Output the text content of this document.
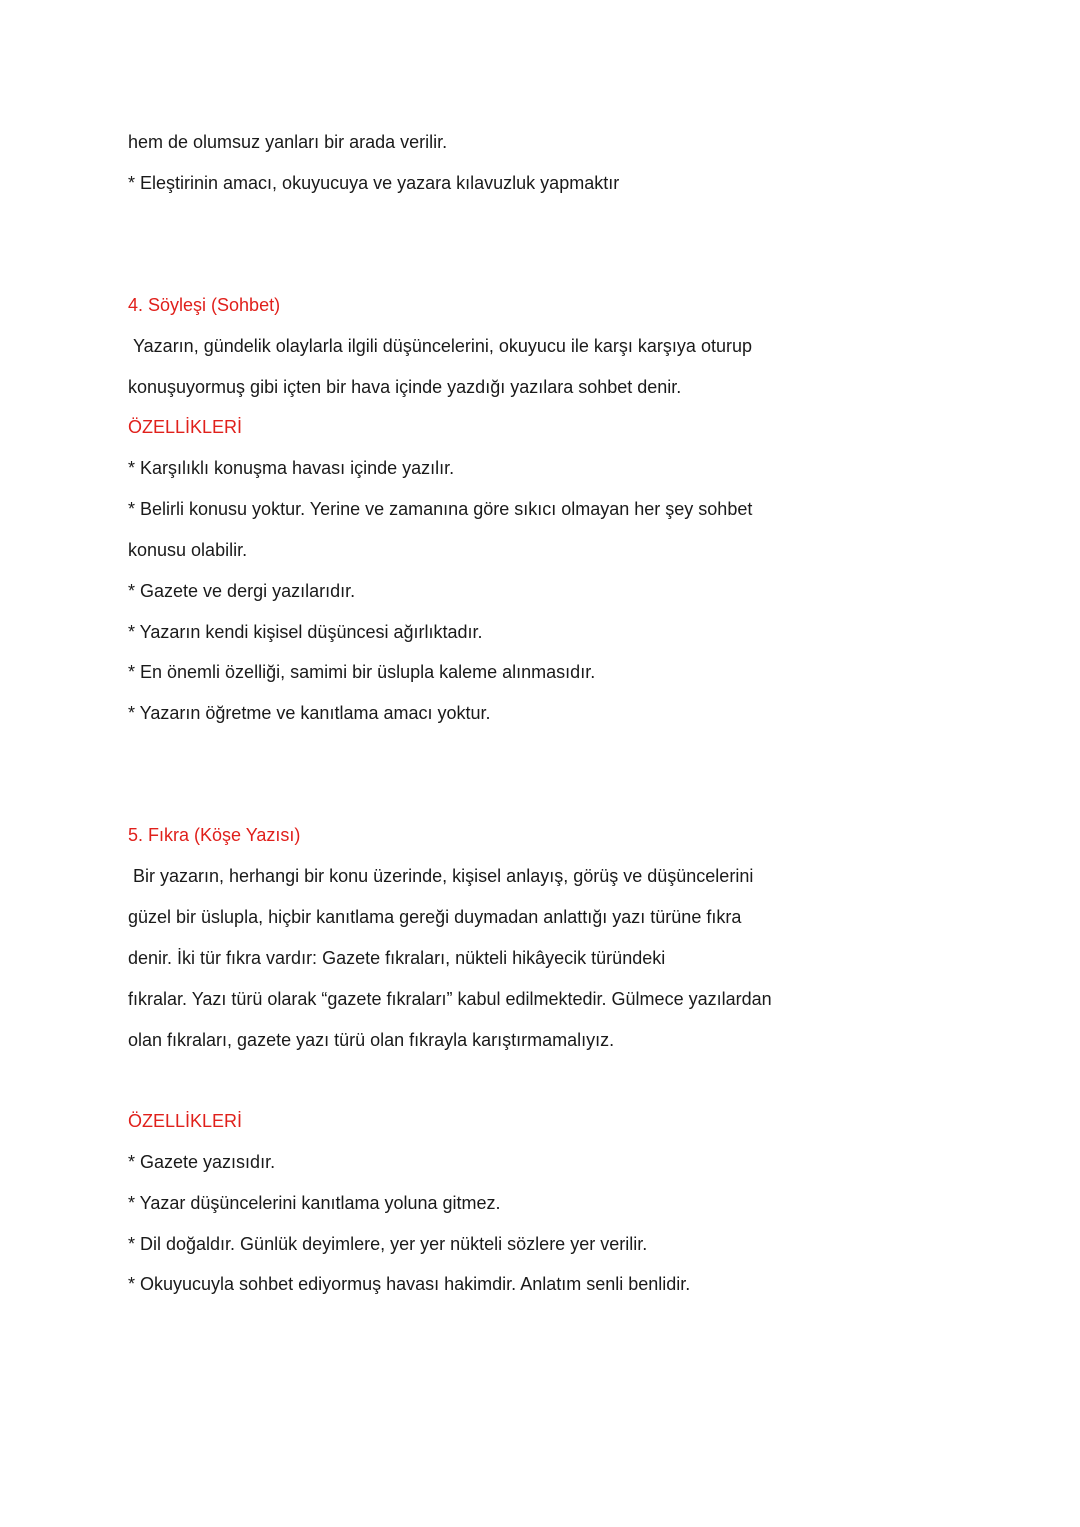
hem de olumsuz yanları bir arada verilir.
* Eleştirinin amacı, okuyucuya ve yazara kılavuzluk yapmaktır
4. Söyleşi (Sohbet)
Yazarın, gündelik olaylarla ilgili düşüncelerini, okuyucu ile karşı karşıya oturup
konuşuyormuş gibi içten bir hava içinde yazdığı yazılara sohbet denir.
ÖZELLİKLERİ
* Karşılıklı konuşma havası içinde yazılır.
* Belirli konusu yoktur. Yerine ve zamanına göre sıkıcı olmayan her şey sohbet
konusu olabilir.
* Gazete ve dergi yazılarıdır.
* Yazarın kendi kişisel düşüncesi ağırlıktadır.
* En önemli özelliği, samimi bir üslupla kaleme alınmasıdır.
* Yazarın öğretme ve kanıtlama amacı yoktur.
5. Fıkra (Köşe Yazısı)
Bir yazarın, herhangi bir konu üzerinde, kişisel anlayış, görüş ve düşüncelerini
güzel bir üslupla, hiçbir kanıtlama gereği duymadan anlattığı yazı türüne fıkra
denir. İki tür fıkra vardır: Gazete fıkraları, nükteli hikâyecik türündeki
fıkralar. Yazı türü olarak “gazete fıkraları” kabul edilmektedir. Gülmece yazılardan
olan fıkraları, gazete yazı türü olan fıkrayla karıştırmamalıyız.
ÖZELLİKLERİ
* Gazete yazısıdır.
* Yazar düşüncelerini kanıtlama yoluna gitmez.
* Dil doğaldır. Günlük deyimlere, yer yer nükteli sözlere yer verilir.
* Okuyucuyla sohbet ediyormuş havası hakimdir. Anlatım senli benlidir.
